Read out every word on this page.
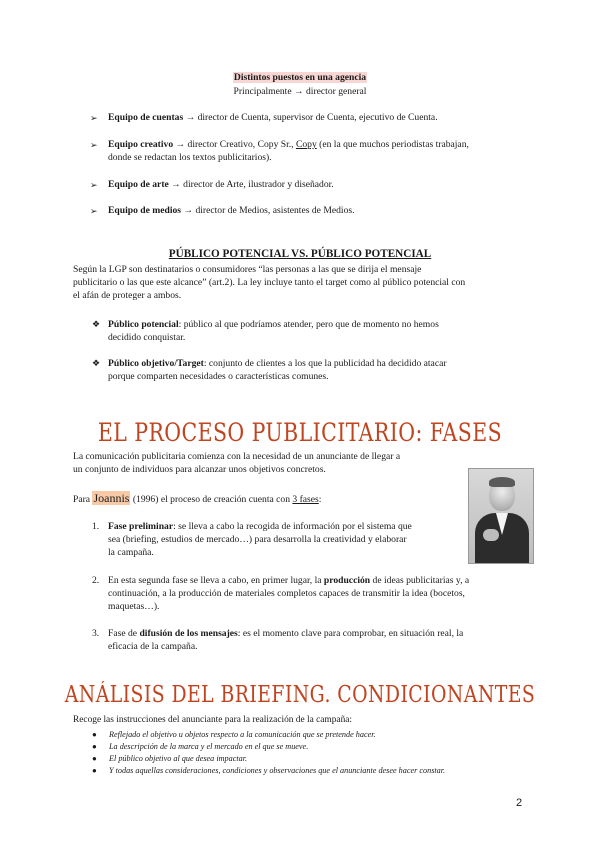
Distintos puestos en una agencia
Principalmente → director general
➢ Equipo de cuentas → director de Cuenta, supervisor de Cuenta, ejecutivo de Cuenta.
➢ Equipo creativo → director Creativo, Copy Sr., Copy (en la que muchos periodistas trabajan,
donde se redactan los textos publicitarios).
➢ Equipo de arte → director de Arte, ilustrador y diseñador.
➢ Equipo de medios → director de Medios, asistentes de Medios.
PÚBLICO POTENCIAL VS. PÚBLICO POTENCIAL
Según la LGP son destinatarios o consumidores “las personas a las que se dirija el mensaje
publicitario o las que este alcance” (art.2). La ley incluye tanto el target como al público potencial con
el afán de proteger a ambos.
❖ Público potencial: público al que podríamos atender, pero que de momento no hemos
decidido conquistar.
❖ Público objetivo/Target: conjunto de clientes a los que la publicidad ha decidido atacar
porque comparten necesidades o características comunes.
EL PROCESO PUBLICITARIO: FASES
La comunicación publicitaria comienza con la necesidad de un anunciante de llegar a
un conjunto de individuos para alcanzar unos objetivos concretos.
Para Joannis (1996) el proceso de creación cuenta con 3 fases:
1. Fase preliminar: se lleva a cabo la recogida de información por el sistema que
sea (briefing, estudios de mercado…) para desarrolla la creatividad y elaborar
la campaña.
2. En esta segunda fase se lleva a cabo, en primer lugar, la producción de ideas publicitarias y, a
continuación, a la producción de materiales completos capaces de transmitir la idea (bocetos,
maquetas…).
3. Fase de difusión de los mensajes: es el momento clave para comprobar, en situación real, la
eficacia de la campaña.
ANÁLISIS DEL BRIEFING. CONDICIONANTES
Recoge las instrucciones del anunciante para la realización de la campaña:
● Reflejado el objetivo u objetos respecto a la comunicación que se pretende hacer.
● La descripción de la marca y el mercado en el que se mueve.
● El público objetivo al que desea impactar.
● Y todas aquellas consideraciones, condiciones y observaciones que el anunciante desee hacer constar.
2
